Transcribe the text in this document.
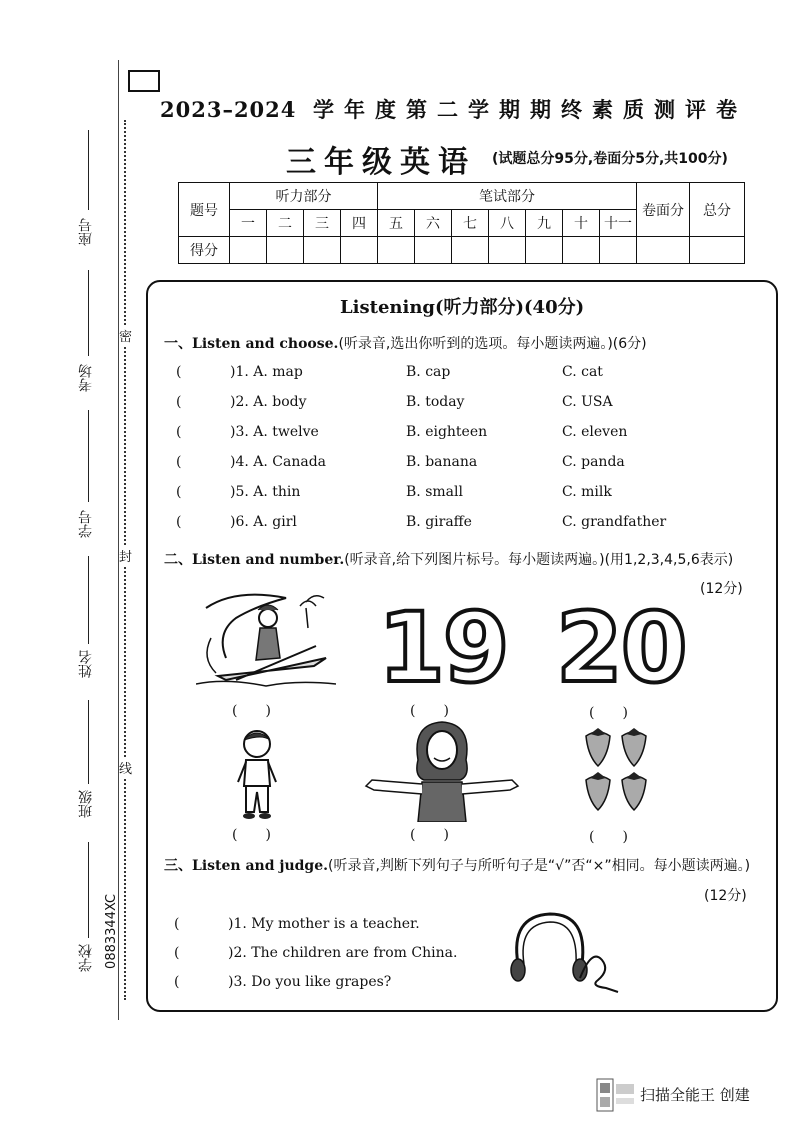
座号
考场
学号
姓名
班级
学校 0883344XC
密
封
线
2023–2024 学年度第二学期期终素质测评卷
三年级英语 (试题总分95分,卷面分5分,共100分)
题号	听力部分				笔试部分							卷面分	总分
	一	二	三	四	五	六	七	八	九	十	十一		
得分													
Listening(听力部分)(40分)
一、Listen and choose.(听录音,选出你听到的选项。每小题读两遍。)(6分)
(	)1. A. map	B. cap	C. cat
(	)2. A. body	B. today	C. USA
(	)3. A. twelve	B. eighteen	C. eleven
(	)4. A. Canada	B. banana	C. panda
(	)5. A. thin	B. small	C. milk
(	)6. A. girl	B. giraffe	C. grandfather
二、Listen and number.(听录音,给下列图片标号。每小题读两遍。)(用1,2,3,4,5,6表示)
(12分)
19 20
(　　)	(　　)	(　　)
(　　)	(　　)	(　　)
三、Listen and judge.(听录音,判断下列句子与所听句子是“√”否“×”相同。每小题读两遍。)
(12分)
(	)1. My mother is a teacher.
(	)2. The children are from China.
(	)3. Do you like grapes?
扫描全能王 创建
